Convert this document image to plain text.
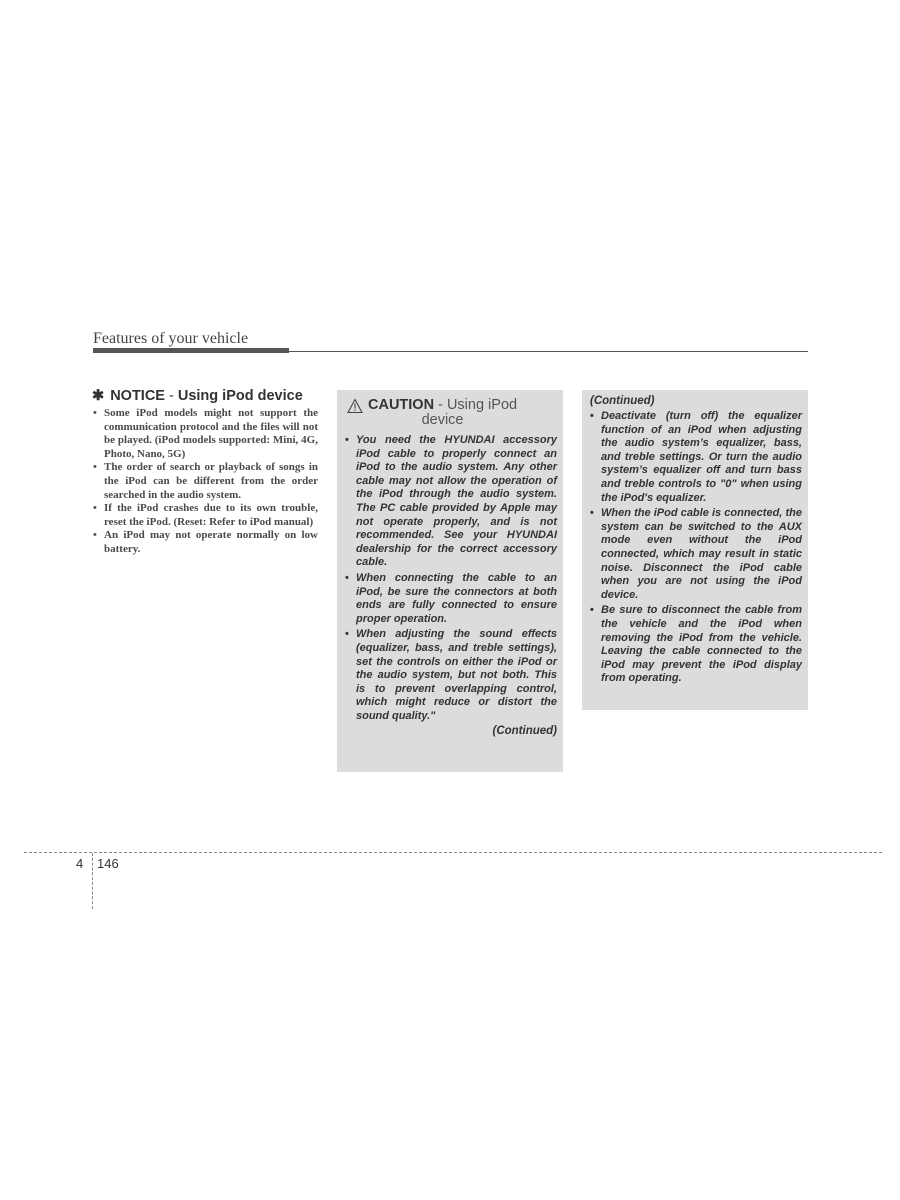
Features of your vehicle
✱ NOTICE - Using iPod device
• Some iPod models might not support the communication protocol and the files will not be played. (iPod models supported: Mini, 4G, Photo, Nano, 5G)
• The order of search or playback of songs in the iPod can be different from the order searched in the audio system.
• If the iPod crashes due to its own trouble, reset the iPod. (Reset: Refer to iPod manual)
• An iPod may not operate normally on low battery.
CAUTION - Using iPod
device
• You need the HYUNDAI accessory iPod cable to properly connect an iPod to the audio system. Any other cable may not allow the operation of the iPod through the audio system. The PC cable provided by Apple may not operate properly, and is not recommended. See your HYUNDAI dealership for the correct accessory cable.
• When connecting the cable to an iPod, be sure the connectors at both ends are fully connected to ensure proper operation.
• When adjusting the sound effects (equalizer, bass, and treble settings), set the controls on either the iPod or the audio system, but not both. This is to prevent overlapping control, which might reduce or distort the sound quality."
(Continued)
(Continued)
• Deactivate (turn off) the equalizer function of an iPod when adjusting the audio system’s equalizer, bass, and treble settings. Or turn the audio system’s equalizer off and turn bass and treble controls to "0" when using the iPod's equalizer.
• When the iPod cable is connected, the system can be switched to the AUX mode even without the iPod connected, which may result in static noise. Disconnect the iPod cable when you are not using the iPod device.
• Be sure to disconnect the cable from the vehicle and the iPod when removing the iPod from the vehicle. Leaving the cable connected to the iPod may prevent the iPod display from operating.
4 146
